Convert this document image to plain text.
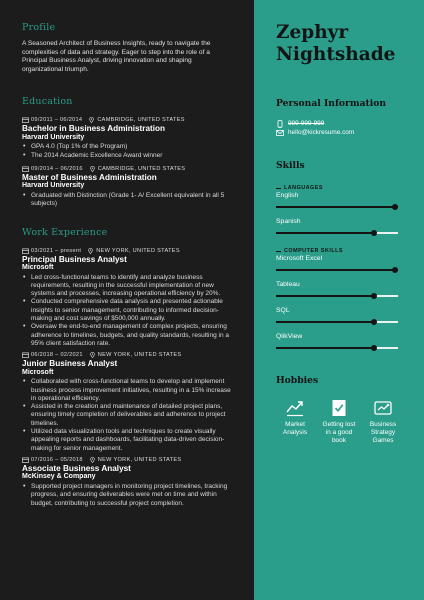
Profile

A Seasoned Architect of Business Insights, ready to navigate the complexities of data and strategy. Eager to step into the role of a Principal Business Analyst, driving innovation and shaping organizational triumph.

Education
09/2011 – 06/2014	CAMBRIDGE, UNITED STATES
Bachelor in Business Administration
Harvard University
• GPA 4.0 (Top 1% of the Program)
• The 2014 Academic Excellence Award winner
09/2014 – 06/2016	CAMBRIDGE, UNITED STATES
Master of Business Administration
Harvard University
• Graduated with Distinction (Grade 1- A/ Excellent equivalent in all 5 subjects)
Work Experience
03/2021 – present	NEW YORK, UNITED STATES
Principal Business Analyst
Microsoft
• Led cross-functional teams to identify and analyze business requirements, resulting in the successful implementation of new systems and processes, increasing operational efficiency by 20%.
• Conducted comprehensive data analysis and presented actionable insights to senior management, contributing to informed decision-making and cost savings of $500,000 annually.
• Oversaw the end-to-end management of complex projects, ensuring adherence to timelines, budgets, and quality standards, resulting in a 95% client satisfaction rate.
06/2018 – 02/2021	NEW YORK, UNITED STATES
Junior Business Analyst
Microsoft
• Collaborated with cross-functional teams to develop and implement business process improvement initiatives, resulting in a 15% increase in operational efficiency.
• Assisted in the creation and maintenance of detailed project plans, ensuring timely completion of deliverables and adherence to project timelines.
• Utilized data visualization tools and techniques to create visually appealing reports and dashboards, facilitating data-driven decision-making for senior management.
07/2016 – 05/2018	NEW YORK, UNITED STATES
Associate Business Analyst
McKinsey & Company
• Supported project managers in monitoring project timelines, tracking progress, and ensuring deliverables were met on time and within budget, contributing to successful project completion.
Zephyr
Nightshade
Personal Information
999-999-999
hello@kickresume.com
Skills
LANGUAGES
English
Spanish
COMPUTER SKILLS
Microsoft Excel
Tableau
SQL
QlikView
Hobbies
Market
Analysis
Getting lost
in a good
book
Business
Strategy
Games
